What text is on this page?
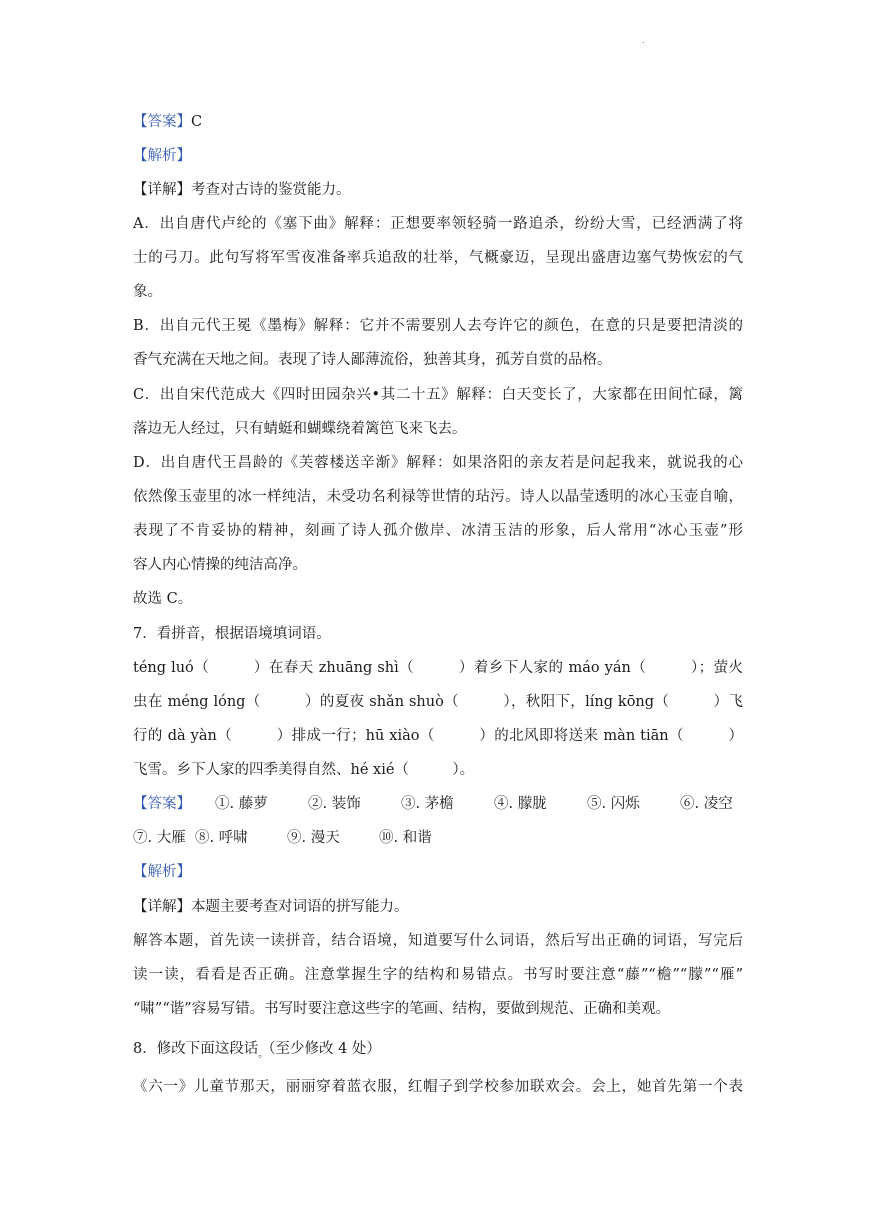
.
【答案】C
【解析】
【详解】考查对古诗的鉴赏能力。
A．出自唐代卢纶的《塞下曲》解释：正想要率领轻骑一路追杀，纷纷大雪，已经洒满了将
士的弓刀。此句写将军雪夜准备率兵追敌的壮举，气概豪迈，呈现出盛唐边塞气势恢宏的气
象。
B．出自元代王冕《墨梅》解释：它并不需要别人去夸许它的颜色，在意的只是要把清淡的
香气充满在天地之间。表现了诗人鄙薄流俗，独善其身，孤芳自赏的品格。
C．出自宋代范成大《四时田园杂兴•其二十五》解释：白天变长了，大家都在田间忙碌，篱
落边无人经过，只有蜻蜓和蝴蝶绕着篱笆飞来飞去。
D．出自唐代王昌龄的《芙蓉楼送辛渐》解释：如果洛阳的亲友若是问起我来，就说我的心
依然像玉壶里的冰一样纯洁，未受功名利禄等世情的玷污。诗人以晶莹透明的冰心玉壶自喻，
表现了不肯妥协的精神，刻画了诗人孤介傲岸、冰清玉洁的形象，后人常用“冰心玉壶”形
容人内心情操的纯洁高净。
故选 C。
7．看拼音，根据语境填词语。
téng luó（　　　）在春天 zhuāng shì（　　　）着乡下人家的 máo yán（　　　）；萤火
虫在 méng lóng（　　　）的夏夜 shǎn shuò（　　　），秋阳下，líng kōng（　　　）飞
行的 dà yàn（　　　）排成一行；hū xiào（　　　）的北风即将送来 màn tiān（　　　）
飞雪。乡下人家的四季美得自然、hé xié（　　　）。
【答案】	①. 藤萝	②. 装饰	③. 茅檐	④. 朦胧	⑤. 闪烁	⑥. 凌空
⑦. 大雁 ⑧. 呼啸	⑨. 漫天	⑩. 和谐
【解析】
【详解】本题主要考查对词语的拼写能力。
解答本题，首先读一读拼音，结合语境，知道要写什么词语，然后写出正确的词语，写完后
读一读，看看是否正确。注意掌握生字的结构和易错点。书写时要注意“藤”“檐”“朦”“雁”
“啸”“谐”容易写错。书写时要注意这些字的笔画、结构，要做到规范、正确和美观。
8．修改下面这段话$_。$（至少修改 4 处）
《六一》儿童节那天，丽丽穿着蓝衣服，红帽子到学校参加联欢会。会上，她首先第一个表
